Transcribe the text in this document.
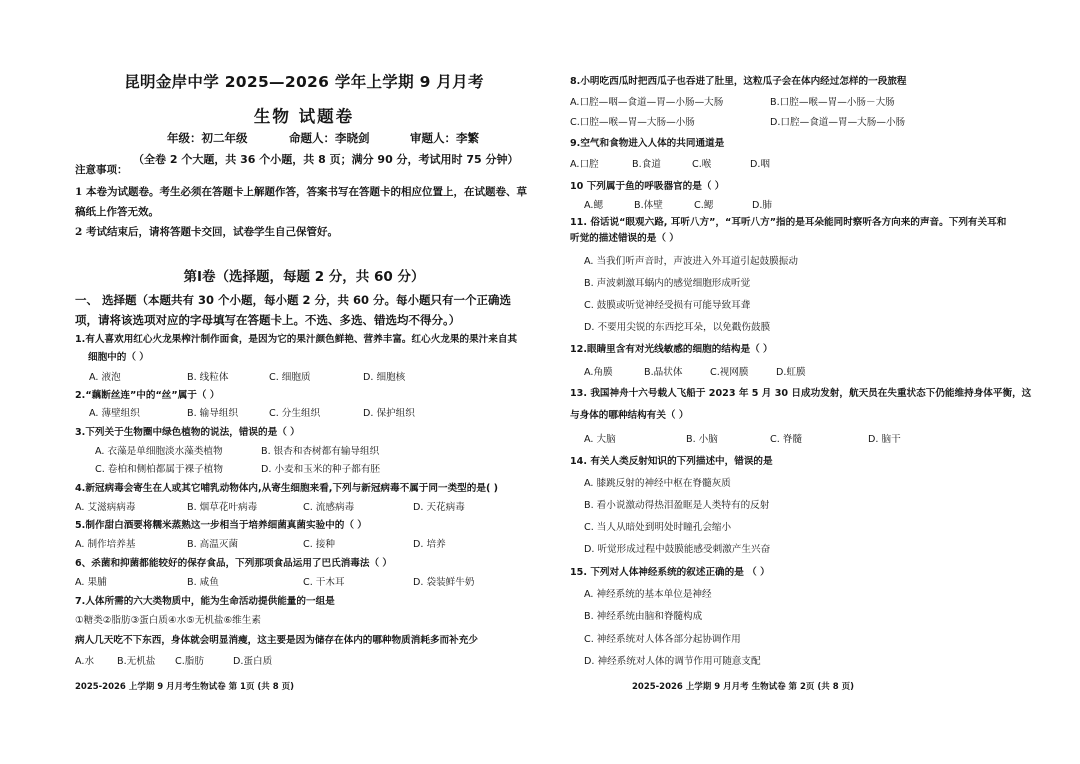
昆明金岸中学 2025—2026 学年上学期 9 月月考
生物 试题卷
年级：初二年级	命题人：李晓剑	审题人：李繁
（全卷 2 个大题，共 36 个小题，共 8 页；满分 90 分，考试用时 75 分钟）
注意事项：
1 本卷为试题卷。考生必须在答题卡上解题作答，答案书写在答题卡的相应位置上，在试题卷、草稿纸上作答无效。
2 考试结束后，请将答题卡交回，试卷学生自己保管好。
第Ⅰ卷（选择题，每题 2 分，共 60 分）
一、 选择题（本题共有 30 个小题，每小题 2 分，共 60 分。每小题只有一个正确选项，请将该选项对应的字母填写在答题卡上。不选、多选、错选均不得分。）
1.有人喜欢用红心火龙果榨汁制作面食，是因为它的果汁颜色鲜艳、营养丰富。红心火龙果的果汁来自其
细胞中的（ ）
A. 液泡	B. 线粒体	C. 细胞质	D. 细胞核
2.“藕断丝连”中的“丝”属于（ ）
A. 薄壁组织	B. 输导组织	C. 分生组织	D. 保护组织
3.下列关于生物圈中绿色植物的说法，错误的是（ ）
A. 衣藻是单细胞淡水藻类植物	B. 银杏和杏树都有输导组织
C. 卷柏和侧柏都属于裸子植物	D. 小麦和玉米的种子都有胚
4.新冠病毒会寄生在人或其它哺乳动物体内,从寄生细胞来看,下列与新冠病毒不属于同一类型的是( )
A. 艾滋病病毒	B. 烟草花叶病毒	C. 流感病毒	D. 天花病毒
5.制作甜白酒要将糯米蒸熟这一步相当于培养细菌真菌实验中的（ ）
A. 制作培养基	B. 高温灭菌	C. 接种	D. 培养
6、杀菌和抑菌都能较好的保存食品，下列那项食品运用了巴氏消毒法（ ）
A. 果脯	B. 咸鱼	C. 干木耳	D. 袋装鲜牛奶
7.人体所需的六大类物质中，能为生命活动提供能量的一组是
①糖类②脂肪③蛋白质④水⑤无机盐⑥维生素
病人几天吃不下东西，身体就会明显消瘦，这主要是因为储存在体内的哪种物质消耗多而补充少
A.水 B.无机盐 C.脂肪	D.蛋白质
2025-2026 上学期 9 月月考生物试卷 第 1页 (共 8 页)
8.小明吃西瓜时把西瓜子也吞进了肚里，这粒瓜子会在体内经过怎样的一段旅程
A.口腔—咽—食道—胃—小肠—大肠	B.口腔—喉—胃—小肠－大肠
C.口腔—喉—胃—大肠—小肠	D.口腔—食道—胃—大肠—小肠
9.空气和食物进入人体的共同通道是
A.口腔	B.食道	C.喉	D.咽
10 下列属于鱼的呼吸器官的是（ ）
A.鳃	B.体壁	C.鳃	D.肺
11. 俗话说“眼观六路, 耳听八方”，“耳听八方”指的是耳朵能同时察听各方向来的声音。下列有关耳和
听觉的描述错误的是（ ）
A. 当我们听声音时，声波进入外耳道引起鼓膜振动
B. 声波刺激耳蜗内的感觉细胞形成听觉
C. 鼓膜或听觉神经受损有可能导致耳聋
D. 不要用尖锐的东西挖耳朵，以免戳伤鼓膜
12.眼睛里含有对光线敏感的细胞的结构是（ ）
A.角膜	B.晶状体	C.视网膜	D.虹膜
13. 我国神舟十六号载人飞船于 2023 年 5 月 30 日成功发射，航天员在失重状态下仍能维持身体平衡，这
与身体的哪种结构有关（ ）
A. 大脑	B. 小脑	C. 脊髓	D. 脑干
14. 有关人类反射知识的下列描述中，错误的是
A. 膝跳反射的神经中枢在脊髓灰质
B. 看小说激动得热泪盈眶是人类特有的反射
C. 当人从暗处到明处时瞳孔会缩小
D. 听觉形成过程中鼓膜能感受刺激产生兴奋
15. 下列对人体神经系统的叙述正确的是 （ ）
A. 神经系统的基本单位是神经
B. 神经系统由脑和脊髓构成
C. 神经系统对人体各部分起协调作用
D. 神经系统对人体的调节作用可随意支配
2025-2026 上学期 9 月月考 生物试卷 第 2页 (共 8 页)
